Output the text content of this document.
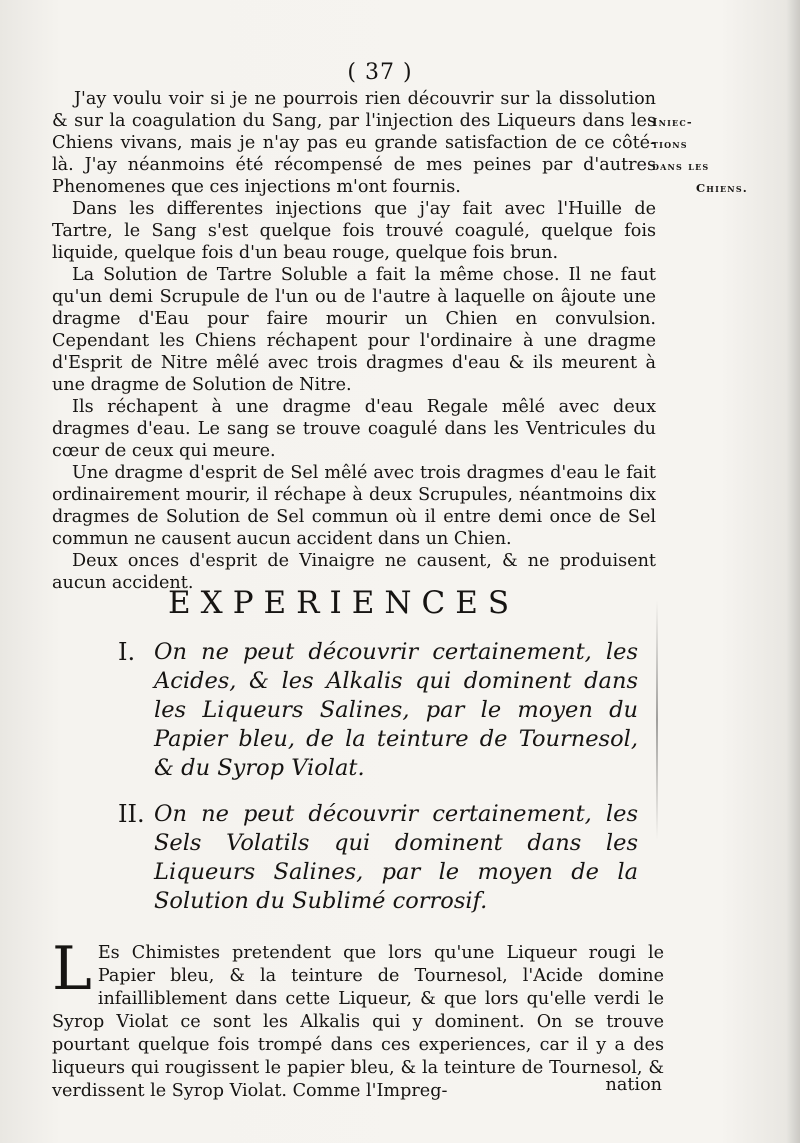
( 37 )

J'ay voulu voir si je ne pourrois rien découvrir sur la dissolution & sur la coagulation du Sang, par l'injection des Liqueurs dans les Chiens vivans, mais je n'ay pas eu grande satisfaction de ce côté-là. J'ay néanmoins été récompensé de mes peines par d'autres Phenomenes que ces injections m'ont fournis.

Dans les differentes injections que j'ay fait avec l'Huille de Tartre, le Sang s'est quelque fois trouvé coagulé, quelque fois liquide, quelque fois d'un beau rouge, quelque fois brun.

La Solution de Tartre Soluble a fait la même chose. Il ne faut qu'un demi Scrupule de l'un ou de l'autre à laquelle on âjoute une dragme d'Eau pour faire mourir un Chien en convulsion. Cependant les Chiens réchapent pour l'ordinaire à une dragme d'Esprit de Nitre mêlé avec trois dragmes d'eau & ils meurent à une dragme de Solution de Nitre.

Ils réchapent à une dragme d'eau Regale mêlé avec deux dragmes d'eau. Le sang se trouve coagulé dans les Ventricules du cœur de ceux qui meure.

Une dragme d'esprit de Sel mêlé avec trois dragmes d'eau le fait ordinairement mourir, il réchape à deux Scrupules, néantmoins dix dragmes de Solution de Sel commun où il entre demi once de Sel commun ne causent aucun accident dans un Chien.

Deux onces d'esprit de Vinaigre ne causent, & ne produisent aucun accident.

Iniec-
tions
dans les
Chiens.
EXPERIENCES
I. On ne peut découvrir certainement, les Acides, & les Alkalis qui dominent dans les Liqueurs Salines, par le moyen du Papier bleu, de la teinture de Tournesol, & du Syrop Violat.
II. On ne peut découvrir certainement, les Sels Volatils qui dominent dans les Liqueurs Salines, par le moyen de la Solution du Sublimé corrosif.
L Es Chimistes pretendent que lors qu'une Liqueur rougi le Papier bleu, & la teinture de Tournesol, l'Acide domine infailliblement dans cette Liqueur, & que lors qu'elle verdi le Syrop Violat ce sont les Alkalis qui y dominent. On se trouve pourtant quelque fois trompé dans ces experiences, car il y a des liqueurs qui rougissent le papier bleu, & la teinture de Tournesol, & verdissent le Syrop Violat. Comme l'Impreg-	nation
